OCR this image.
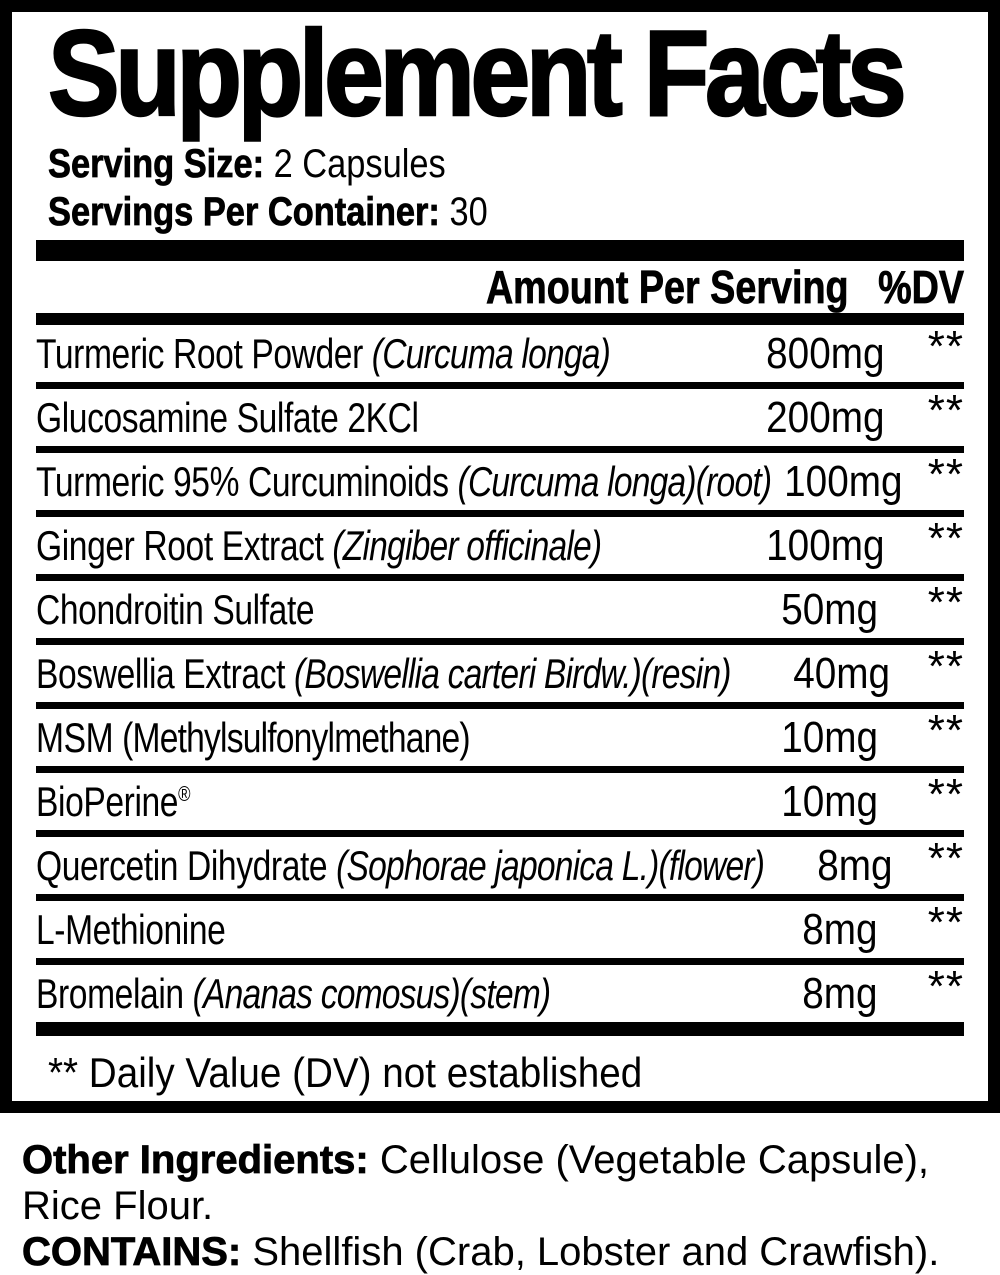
Supplement Facts
Serving Size: 2 Capsules
Servings Per Container: 30
Amount Per Serving %DV
Turmeric Root Powder (Curcuma longa)	800mg **
Glucosamine Sulfate 2KCl	200mg **
Turmeric 95% Curcuminoids (Curcuma longa)(root) 100mg **
Ginger Root Extract (Zingiber officinale)	100mg **
Chondroitin Sulfate	50mg	**
Boswellia Extract (Boswellia carteri Birdw.)(resin)	40mg **
MSM (Methylsulfonylmethane)	10mg	**
BioPerine®	10mg	**
Quercetin Dihydrate (Sophorae japonica L.)(flower)	8mg **
L-Methionine	8mg	**
Bromelain (Ananas comosus)(stem)	8mg	**
** Daily Value (DV) not established

Other Ingredients: Cellulose (Vegetable Capsule),
Rice Flour.

CONTAINS: Shellfish (Crab, Lobster and Crawfish).
